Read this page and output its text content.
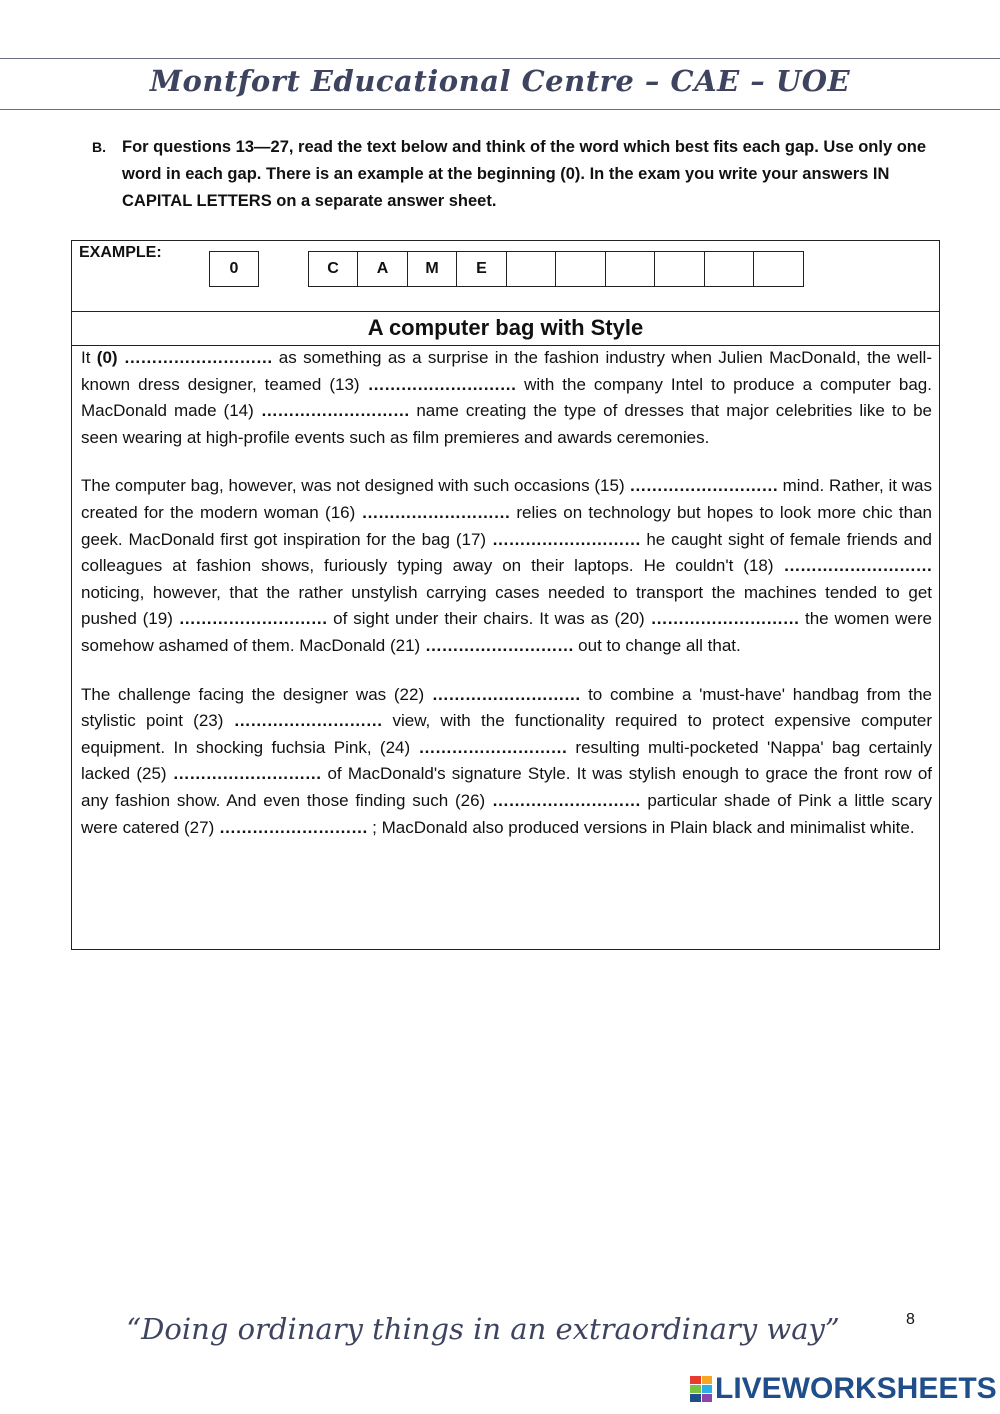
Montfort Educational Centre – CAE – UOE
B. For questions 13—27, read the text below and think of the word which best fits each gap. Use only one word in each gap. There is an example at the beginning (0). In the exam you write your answers IN CAPITAL LETTERS on a separate answer sheet.
EXAMPLE:
0	C	A	M	E
A computer bag with Style

It (0) ……………………… as something as a surprise in the fashion industry when Julien MacDonaId, the well-known dress designer, teamed (13) ……………………… with the company Intel to produce a computer bag. MacDonald made (14) ……………………… name creating the type of dresses that major celebrities like to be seen wearing at high-profile events such as film premieres and awards ceremonies.

The computer bag, however, was not designed with such occasions (15) ……………………… mind. Rather, it was created for the modern woman (16) ……………………… relies on technology but hopes to look more chic than geek. MacDonald first got inspiration for the bag (17) ……………………… he caught sight of female friends and colleagues at fashion shows, furiously typing away on their laptops. He couldn't (18) ……………………… noticing, however, that the rather unstylish carrying cases needed to transport the machines tended to get pushed (19) ……………………… of sight under their chairs. It was as (20) ……………………… the women were somehow ashamed of them. MacDonald (21) ……………………… out to change all that.

The challenge facing the designer was (22) ……………………… to combine a 'must-have' handbag from the stylistic point (23) ……………………… view, with the functionality required to protect expensive computer equipment. In shocking fuchsia Pink, (24) ……………………… resulting multi-pocketed 'Nappa' bag certainly lacked (25) ……………………… of MacDonald's signature Style. It was stylish enough to grace the front row of any fashion show. And even those finding such (26) ……………………… particular shade of Pink a little scary were catered (27) ……………………… ; MacDonald also produced versions in Plain black and minimalist white.

8
“Doing ordinary things in an extraordinary way”
LIVEWORKSHEETS
